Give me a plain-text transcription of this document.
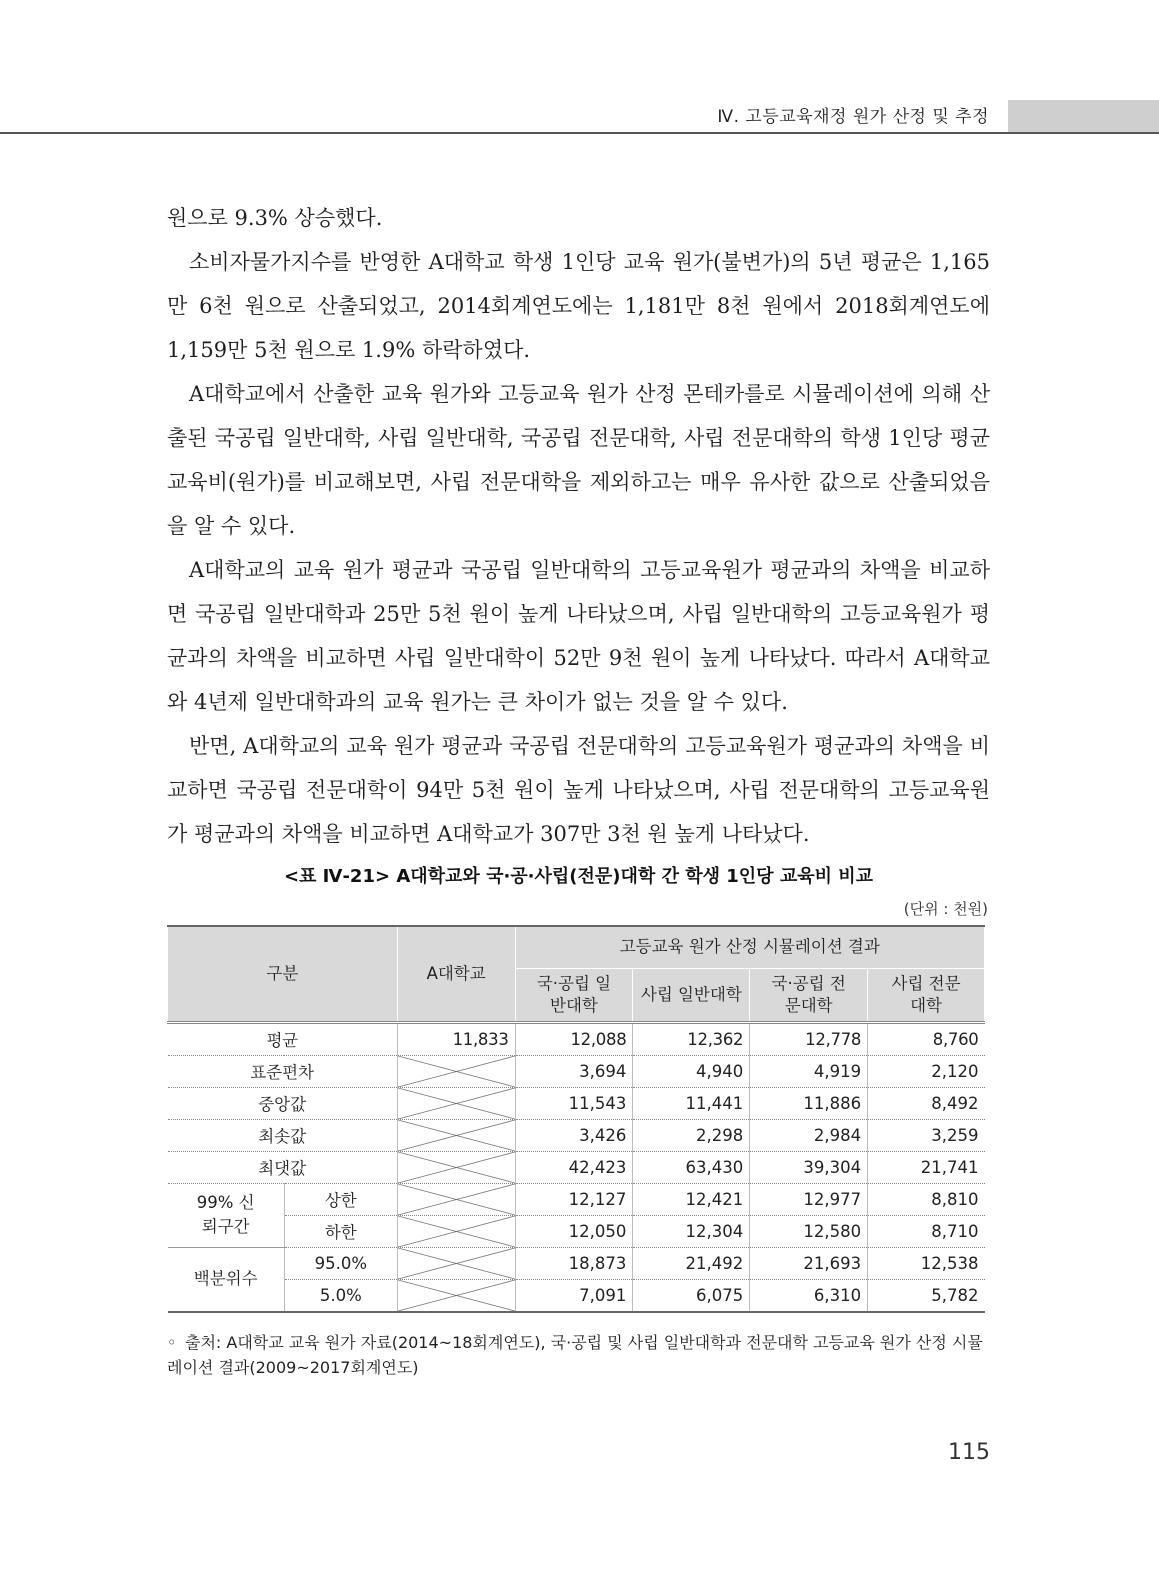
Ⅳ. 고등교육재정 원가 산정 및 추정

원으로 9.3% 상승했다.

소비자물가지수를 반영한 A대학교 학생 1인당 교육 원가(불변가)의 5년 평균은 1,165만 6천 원으로 산출되었고, 2014회계연도에는 1,181만 8천 원에서 2018회계연도에 1,159만 5천 원으로 1.9% 하락하였다.

A대학교에서 산출한 교육 원가와 고등교육 원가 산정 몬테카를로 시뮬레이션에 의해 산출된 국공립 일반대학, 사립 일반대학, 국공립 전문대학, 사립 전문대학의 학생 1인당 평균 교육비(원가)를 비교해보면, 사립 전문대학을 제외하고는 매우 유사한 값으로 산출되었음을 알 수 있다.

A대학교의 교육 원가 평균과 국공립 일반대학의 고등교육원가 평균과의 차액을 비교하면 국공립 일반대학과 25만 5천 원이 높게 나타났으며, 사립 일반대학의 고등교육원가 평균과의 차액을 비교하면 사립 일반대학이 52만 9천 원이 높게 나타났다. 따라서 A대학교와 4년제 일반대학과의 교육 원가는 큰 차이가 없는 것을 알 수 있다.

반면, A대학교의 교육 원가 평균과 국공립 전문대학의 고등교육원가 평균과의 차액을 비교하면 국공립 전문대학이 94만 5천 원이 높게 나타났으며, 사립 전문대학의 고등교육원가 평균과의 차액을 비교하면 A대학교가 307만 3천 원 높게 나타났다.

<표 Ⅳ-21> A대학교와 국·공·사립(전문)대학 간 학생 1인당 교육비 비교
(단위 : 천원)
구분		A대학교	고등교육 원가 산정 시뮬레이션 결과			
			국·공립 일반대학	사립 일반대학	국·공립 전문대학	사립 전문대학
평균		11,833	12,088	12,362	12,778	8,760
표준편차			3,694	4,940	4,919	2,120
중앙값			11,543	11,441	11,886	8,492
최솟값			3,426	2,298	2,984	3,259
최댓값			42,423	63,430	39,304	21,741
99% 신뢰구간	상한		12,127	12,421	12,977	8,810
	하한		12,050	12,304	12,580	8,710
백분위수	95.0%		18,873	21,492	21,693	12,538
	5.0%		7,091	6,075	6,310	5,782
◦ 출처: A대학교 교육 원가 자료(2014~18회계연도), 국·공립 및 사립 일반대학과 전문대학 고등교육 원가 산정 시뮬레이션 결과(2009~2017회계연도)
115
